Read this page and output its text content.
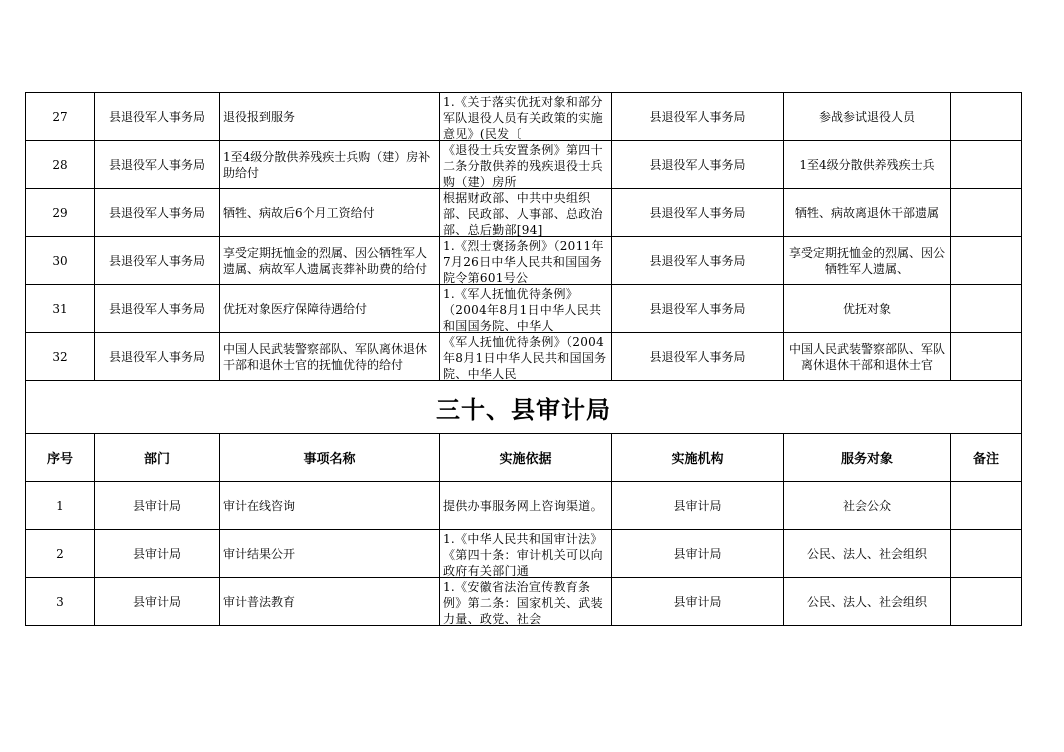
27	县退役军人事务局	退役报到服务	1.《关于落实优抚对象和部分军队退役人员有关政策的实施意见》(民发〔	县退役军人事务局	参战参试退役人员	

28	县退役军人事务局	1至4级分散供养残疾士兵购（建）房补助给付	《退役士兵安置条例》第四十二条分散供养的残疾退役士兵购（建）房所	县退役军人事务局	1至4级分散供养残疾士兵	

29	县退役军人事务局	牺牲、病故后6个月工资给付	根据财政部、中共中央组织部、民政部、人事部、总政治部、总后勤部[94]	县退役军人事务局	牺牲、病故离退休干部遗属	

30	县退役军人事务局	享受定期抚恤金的烈属、因公牺牲军人遗属、病故军人遗属丧葬补助费的给付	1.《烈士褒扬条例》（2011年7月26日中华人民共和国国务院令第601号公	县退役军人事务局	享受定期抚恤金的烈属、因公牺牲军人遗属、	

31	县退役军人事务局	优抚对象医疗保障待遇给付	1.《军人抚恤优待条例》（2004年8月1日中华人民共和国国务院、中华人	县退役军人事务局	优抚对象	

32	县退役军人事务局	中国人民武装警察部队、军队离休退休干部和退休士官的抚恤优待的给付	《军人抚恤优待条例》（2004年8月1日中华人民共和国国务院、中华人民	县退役军人事务局	中国人民武装警察部队、军队离休退休干部和退休士官	

三十、县审计局						
序号	部门	事项名称	实施依据	实施机构	服务对象	备注

1	县审计局	审计在线咨询	提供办事服务网上咨询渠道。	县审计局	社会公众	

2	县审计局	审计结果公开	1.《中华人民共和国审计法》《第四十条：审计机关可以向政府有关部门通	县审计局	公民、法人、社会组织	

3	县审计局	审计普法教育	1.《安徽省法治宣传教育条例》第二条：国家机关、武装力量、政党、社会	县审计局	公民、法人、社会组织	
